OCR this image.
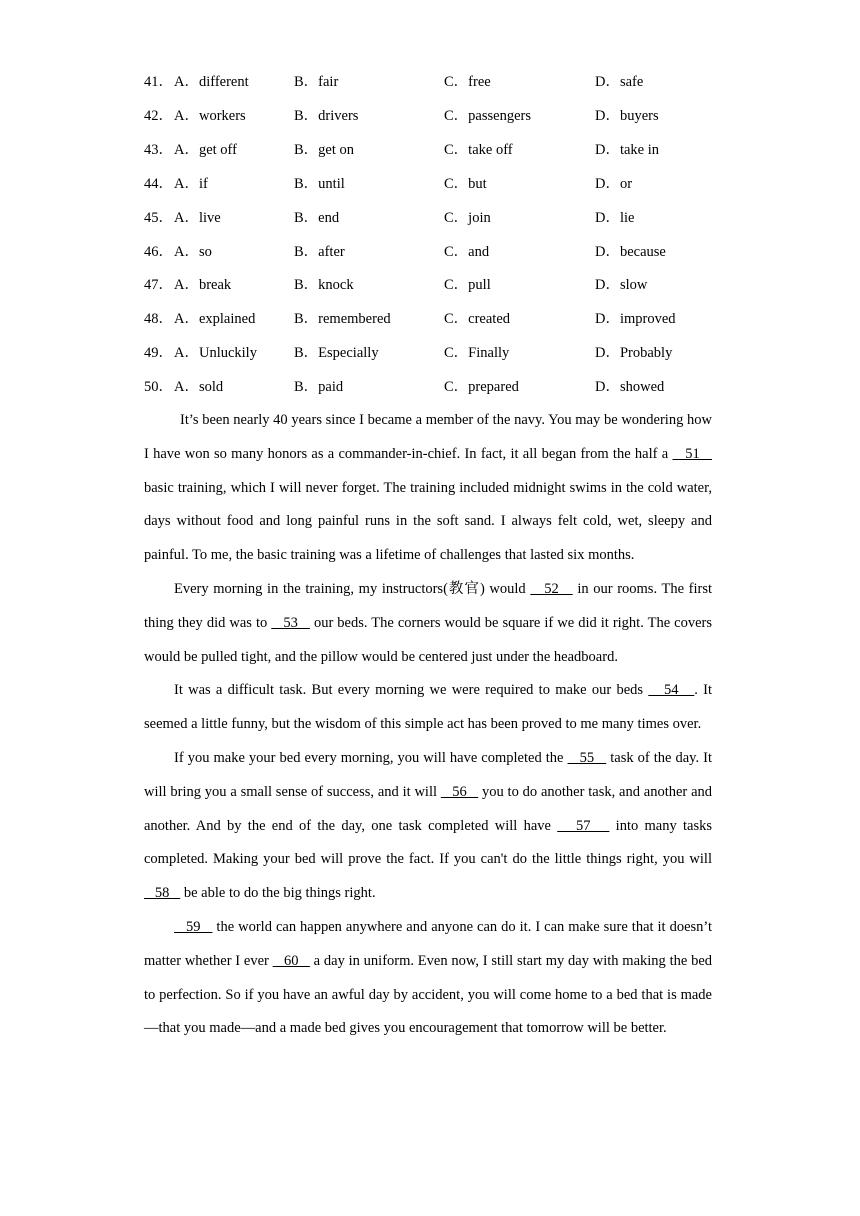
41． A．different	B．fair	C．free	D．safe
42． A．workers	B．drivers	C．passengers	D．buyers
43． A．get off	B．get on	C．take off	D．take in
44． A．if	B．until	C．but	D．or
45． A．live	B．end	C．join	D．lie
46． A．so	B．after	C．and	D．because
47． A．break	B．knock	C．pull	D．slow
48． A．explained	B．remembered	C．created	D．improved
49． A．Unluckily	B．Especially	C．Finally	D．Probably
50． A．sold	B．paid	C．prepared	D．showed

It’s been nearly 40 years since I became a member of the navy. You may be wondering how I have won so many honors as a commander-in-chief. In fact, it all began from the half a    51    basic training, which I will never forget. The training included midnight swims in the cold water, days without food and long painful runs in the soft sand. I always felt cold, wet, sleepy and painful. To me, the basic training was a lifetime of challenges that lasted six months.

Every morning in the training, my instructors(教官) would    52    in our rooms. The first thing they did was to    53    our beds. The corners would be square if we did it right. The covers would be pulled tight, and the pillow would be centered just under the headboard.

It was a difficult task. But every morning we were required to make our beds    54   . It seemed a little funny, but the wisdom of this simple act has been proved to me many times over.

If you make your bed every morning, you will have completed the    55    task of the day. It will bring you a small sense of success, and it will    56    you to do another task, and another and another. And by the end of the day, one task completed will have    57    into many tasks completed. Making your bed will prove the fact. If you can't do the little things right, you will    58    be able to do the big things right.

59    the world can happen anywhere and anyone can do it. I can make sure that it doesn’t matter whether I ever    60    a day in uniform. Even now, I still start my day with making the bed to perfection. So if you have an awful day by accident, you will come home to a bed that is made—that you made—and a made bed gives you encouragement that tomorrow will be better.
